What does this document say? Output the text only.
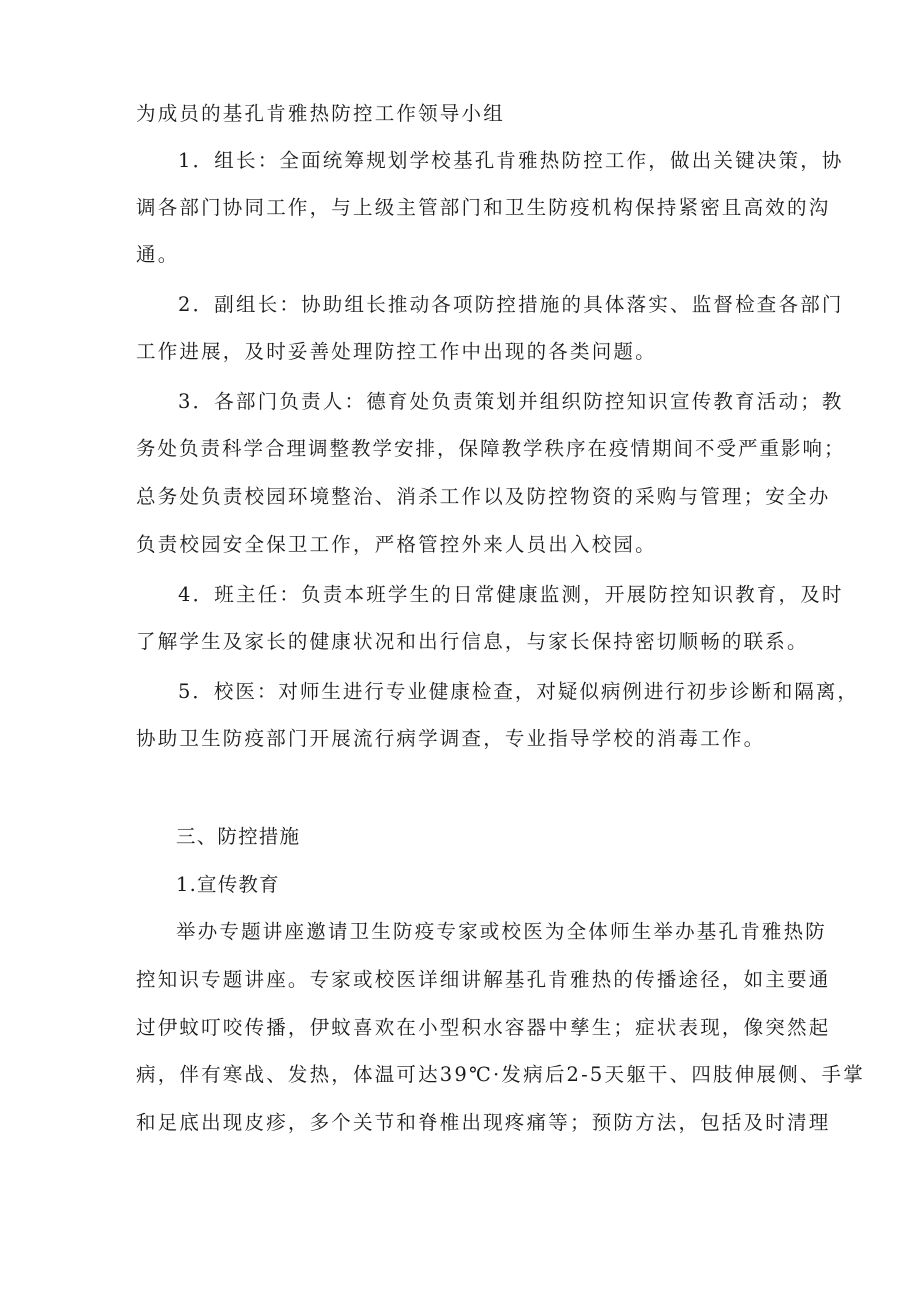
为成员的基孔肯雅热防控工作领导小组
1．组长：全面统筹规划学校基孔肯雅热防控工作，做出关键决策，协
调各部门协同工作，与上级主管部门和卫生防疫机构保持紧密且高效的沟
通。
2．副组长：协助组长推动各项防控措施的具体落实、监督检查各部门
工作进展，及时妥善处理防控工作中出现的各类问题。
3．各部门负责人：德育处负责策划并组织防控知识宣传教育活动；教
务处负责科学合理调整教学安排，保障教学秩序在疫情期间不受严重影响；
总务处负责校园环境整治、消杀工作以及防控物资的采购与管理；安全办
负责校园安全保卫工作，严格管控外来人员出入校园。
4．班主任：负责本班学生的日常健康监测，开展防控知识教育，及时
了解学生及家长的健康状况和出行信息，与家长保持密切顺畅的联系。
5．校医：对师生进行专业健康检查，对疑似病例进行初步诊断和隔离，
协助卫生防疫部门开展流行病学调查，专业指导学校的消毒工作。
三、防控措施
1.宣传教育
举办专题讲座邀请卫生防疫专家或校医为全体师生举办基孔肯雅热防
控知识专题讲座。专家或校医详细讲解基孔肯雅热的传播途径，如主要通
过伊蚊叮咬传播，伊蚊喜欢在小型积水容器中孳生；症状表现，像突然起
病，伴有寒战、发热，体温可达39℃·发病后2-5天躯干、四肢伸展侧、手掌
和足底出现皮疹，多个关节和脊椎出现疼痛等；预防方法，包括及时清理
